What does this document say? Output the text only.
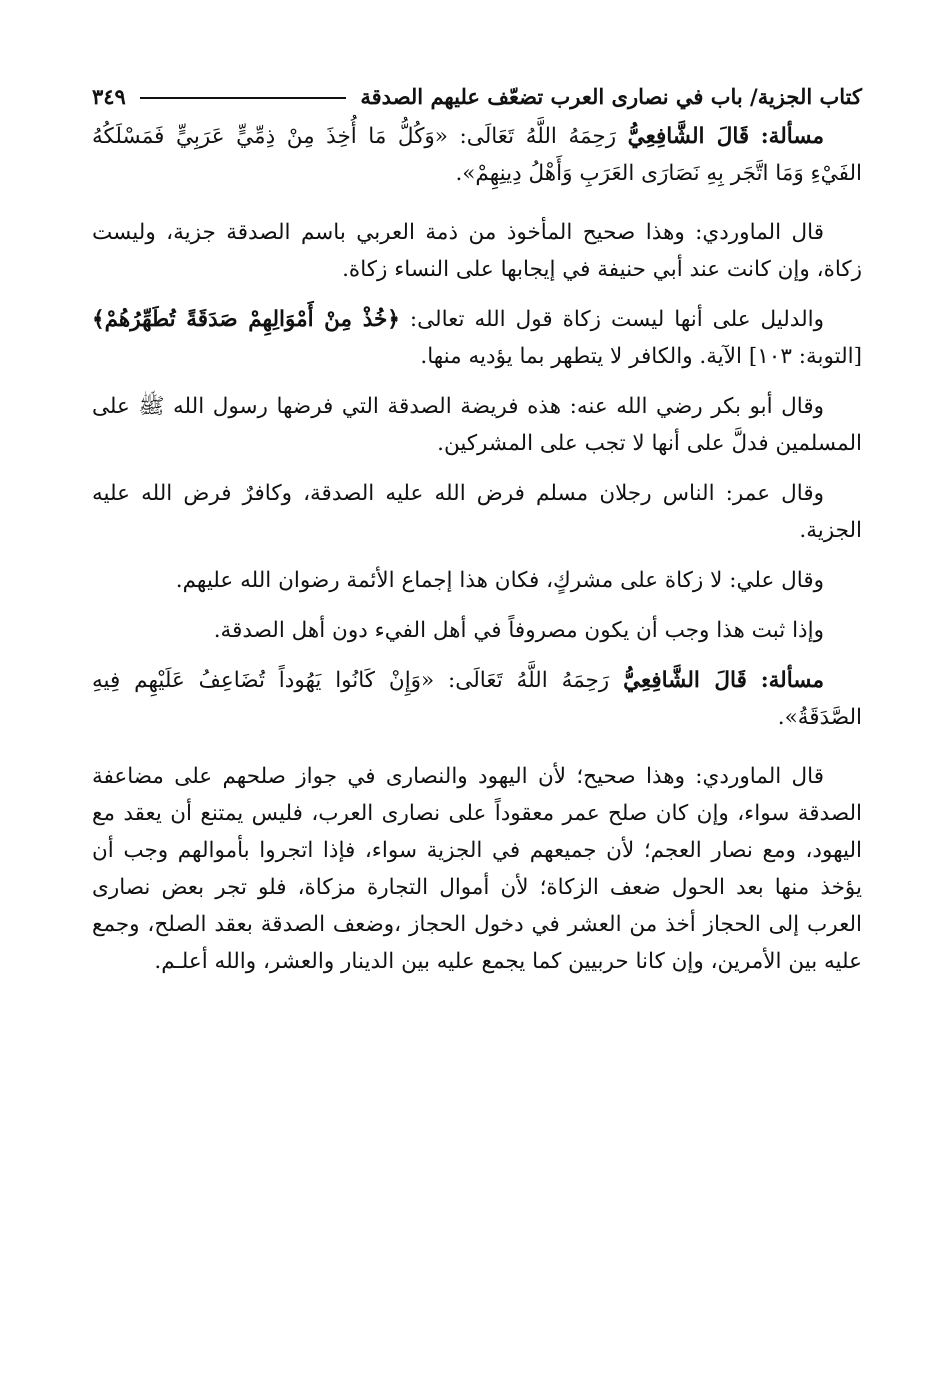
كتاب الجزية/ باب في نصارى العرب تضعّف عليهم الصدقة
٣٤٩

مسألة: قَالَ الشَّافِعِيُّ رَحِمَهُ اللَّهُ تَعَالَى: «وَكُلُّ مَا أُخِذَ مِنْ ذِمِّيٍّ عَرَبِيٍّ فَمَسْلَكُهُ الفَيْءِ وَمَا اتَّجَر بِهِ نَصَارَى العَرَبِ وَأَهْلُ دِينِهِمْ».

قال الماوردي: وهذا صحيح المأخوذ من ذمة العربي باسم الصدقة جزية، وليست زكاة، وإن كانت عند أبي حنيفة في إيجابها على النساء زكاة.

والدليل على أنها ليست زكاة قول الله تعالى: ﴿خُذْ مِنْ أَمْوَالِهِمْ صَدَقَةً تُطَهِّرُهُمْ﴾ [التوبة: ١٠٣] الآية. والكافر لا يتطهر بما يؤديه منها.

وقال أبو بكر رضي الله عنه: هذه فريضة الصدقة التي فرضها رسول الله ﷺ على المسلمين فدلَّ على أنها لا تجب على المشركين.

وقال عمر: الناس رجلان مسلم فرض الله عليه الصدقة، وكافرٌ فرض الله عليه الجزية.

وقال علي: لا زكاة على مشركٍ، فكان هذا إجماع الأئمة رضوان الله عليهم.

وإذا ثبت هذا وجب أن يكون مصروفاً في أهل الفيء دون أهل الصدقة.

مسألة: قَالَ الشَّافِعِيُّ رَحِمَهُ اللَّهُ تَعَالَى: «وَإِنْ كَانُوا يَهُوداً تُضَاعِفُ عَلَيْهِم فِيهِ الصَّدَقَةُ».

قال الماوردي: وهذا صحيح؛ لأن اليهود والنصارى في جواز صلحهم على مضاعفة الصدقة سواء، وإن كان صلح عمر معقوداً على نصارى العرب، فليس يمتنع أن يعقد مع اليهود، ومع نصار العجم؛ لأن جميعهم في الجزية سواء، فإذا اتجروا بأموالهم وجب أن يؤخذ منها بعد الحول ضعف الزكاة؛ لأن أموال التجارة مزكاة، فلو تجر بعض نصارى العرب إلى الحجاز أخذ من العشر في دخول الحجاز ،وضعف الصدقة بعقد الصلح، وجمع عليه بين الأمرين، وإن كانا حربيين كما يجمع عليه بين الدينار والعشر، والله أعلـم.
